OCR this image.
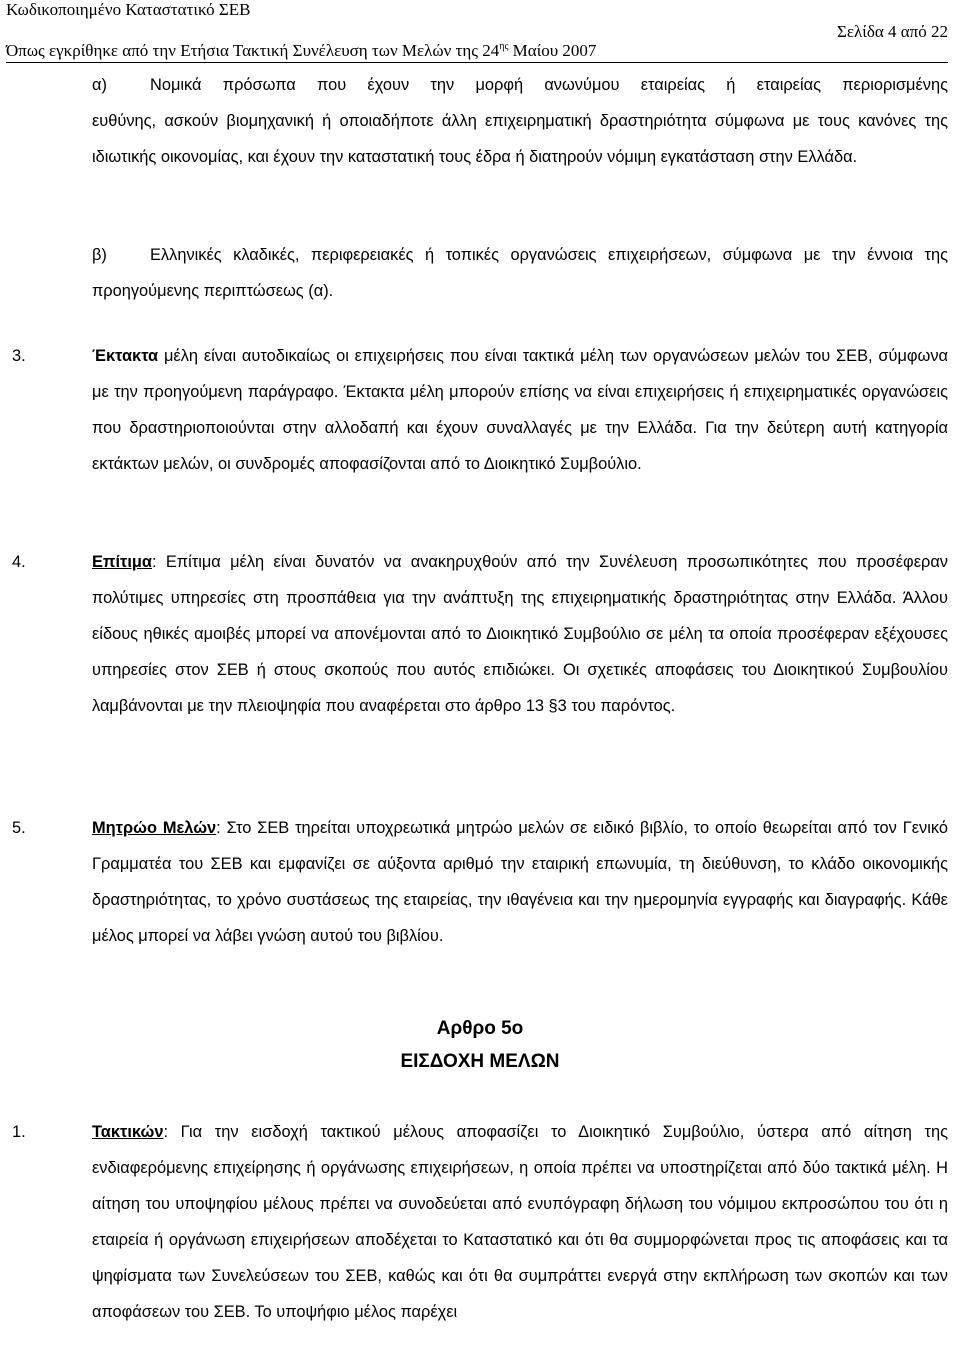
Κωδικοποιημένο Καταστατικό ΣΕΒ
Σελίδα 4 από 22
Όπως εγκρίθηκε από την Ετήσια Τακτική Συνέλευση των Μελών της $24^{\eta\varsigma}$ Μαίου 2007
α)	Νομικά πρόσωπα που έχουν την μορφή ανωνύμου εταιρείας ή εταιρείας περιορισμένης

ευθύνης, ασκούν βιομηχανική ή οποιαδήποτε άλλη επιχειρηματική δραστηριότητα σύμφωνα με τους κανόνες της ιδιωτικής οικονομίας, και έχουν την καταστατική τους έδρα ή διατηρούν νόμιμη εγκατάσταση στην Ελλάδα.

β)	Ελληνικές κλαδικές, περιφερειακές ή τοπικές οργανώσεις επιχειρήσεων, σύμφωνα με την έννοια της προηγούμενης περιπτώσεως (α).

3.	Έκτακτα μέλη είναι αυτοδικαίως οι επιχειρήσεις που είναι τακτικά μέλη των οργανώσεων μελών του ΣΕΒ, σύμφωνα με την προηγούμενη παράγραφο. Έκτακτα μέλη μπορούν επίσης να είναι επιχειρήσεις ή επιχειρηματικές οργανώσεις που δραστηριοποιούνται στην αλλοδαπή και έχουν συναλλαγές με την Ελλάδα. Για την δεύτερη αυτή κατηγορία εκτάκτων μελών, οι συνδρομές αποφασίζονται από το Διοικητικό Συμβούλιο.

4.	Επίτιμα: Επίτιμα μέλη είναι δυνατόν να ανακηρυχθούν από την Συνέλευση προσωπικότητες που προσέφεραν πολύτιμες υπηρεσίες στη προσπάθεια για την ανάπτυξη της επιχειρηματικής δραστηριότητας στην Ελλάδα. Άλλου είδους ηθικές αμοιβές μπορεί να απονέμονται από το Διοικητικό Συμβούλιο σε μέλη τα οποία προσέφεραν εξέχουσες υπηρεσίες στον ΣΕΒ ή στους σκοπούς που αυτός επιδιώκει. Οι σχετικές αποφάσεις του Διοικητικού Συμβουλίου λαμβάνονται με την πλειοψηφία που αναφέρεται στο άρθρο 13 §3 του παρόντος.

5.	Μητρώο Μελών: Στο ΣΕΒ τηρείται υποχρεωτικά μητρώο μελών σε ειδικό βιβλίο, το οποίο θεωρείται από τον Γενικό Γραμματέα του ΣΕΒ και εμφανίζει σε αύξοντα αριθμό την εταιρική επωνυμία, τη διεύθυνση, το κλάδο οικονομικής δραστηριότητας, το χρόνο συστάσεως της εταιρείας, την ιθαγένεια και την ημερομηνία εγγραφής και διαγραφής. Κάθε μέλος μπορεί να λάβει γνώση αυτού του βιβλίου.

Αρθρο 5ο
ΕΙΣΔΟΧΗ ΜΕΛΩΝ
1.	Τακτικών: Για την εισδοχή τακτικού μέλους αποφασίζει το Διοικητικό Συμβούλιο, ύστερα από αίτηση της ενδιαφερόμενης επιχείρησης ή οργάνωσης επιχειρήσεων, η οποία πρέπει να υποστηρίζεται από δύο τακτικά μέλη. Η αίτηση του υποψηφίου μέλους πρέπει να συνοδεύεται από ενυπόγραφη δήλωση του νόμιμου εκπροσώπου του ότι η εταιρεία ή οργάνωση επιχειρήσεων αποδέχεται το Καταστατικό και ότι θα συμμορφώνεται προς τις αποφάσεις και τα ψηφίσματα των Συνελεύσεων του ΣΕΒ, καθώς και ότι θα συμπράττει ενεργά στην εκπλήρωση των σκοπών και των αποφάσεων του ΣΕΒ. Το υποψήφιο μέλος παρέχει
